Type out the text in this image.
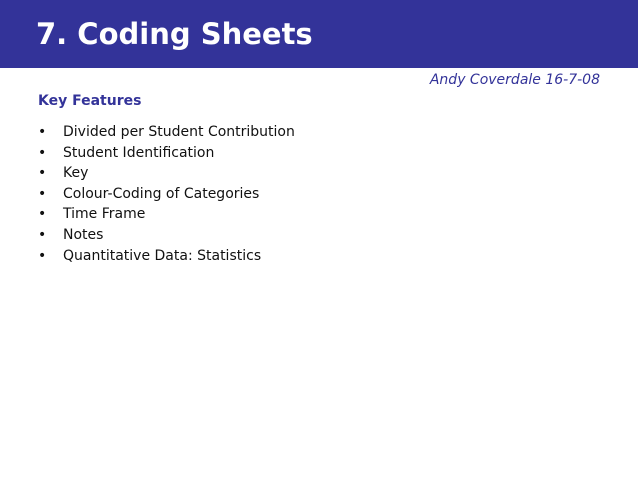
7. Coding Sheets
Andy Coverdale 16-7-08
Key Features
• Divided per Student Contribution
• Student Identification
• Key
• Colour-Coding of Categories
• Time Frame
• Notes
• Quantitative Data: Statistics
